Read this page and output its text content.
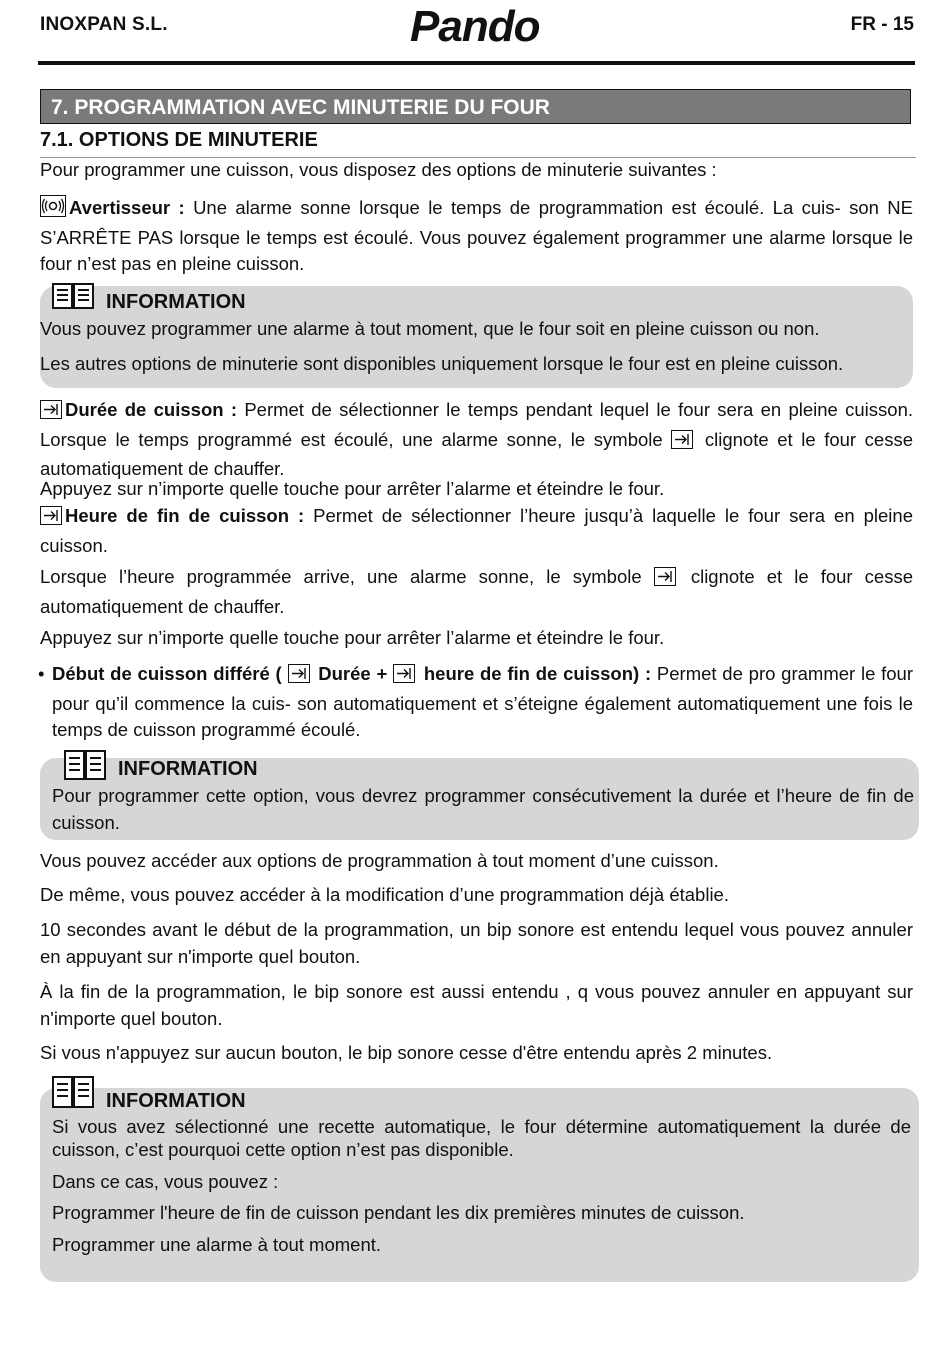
INOXPAN S.L.	Pando	FR - 15
7. PROGRAMMATION AVEC MINUTERIE DU FOUR
7.1. OPTIONS DE MINUTERIE
Pour programmer une cuisson, vous disposez des options de minuterie suivantes :
Avertisseur : Une alarme sonne lorsque le temps de programmation est écoulé. La cuis- son NE S’ARRÊTE PAS lorsque le temps est écoulé. Vous pouvez également programmer une alarme lorsque le four n’est pas en pleine cuisson.
INFORMATION
Vous pouvez programmer une alarme à tout moment, que le four soit en pleine cuisson ou non.
Les autres options de minuterie sont disponibles uniquement lorsque le four est en pleine cuisson.
Durée de cuisson : Permet de sélectionner le temps pendant lequel le four sera en pleine cuisson. Lorsque le temps programmé est écoulé, une alarme sonne, le symbole  clignote et le four cesse automatiquement de chauffer.
Appuyez sur n’importe quelle touche pour arrêter l’alarme et éteindre le four.
Heure de fin de cuisson : Permet de sélectionner l’heure jusqu’à laquelle le four sera en pleine cuisson.
Lorsque l’heure programmée arrive, une alarme sonne, le symbole  clignote et le four cesse automatiquement de chauffer.
Appuyez sur n’importe quelle touche pour arrêter l’alarme et éteindre le four.
• Début de cuisson différé (  Durée +  heure de fin de cuisson) : Permet de pro grammer le four pour qu’il commence la cuis- son automatiquement et s’éteigne également automatiquement une fois le temps de cuisson programmé écoulé.
INFORMATION
Pour programmer cette option, vous devrez programmer consécutivement la durée et l’heure de fin de cuisson.
Vous pouvez accéder aux options de programmation à tout moment d’une cuisson.
De même, vous pouvez accéder à la modification d’une programmation déjà établie.
10 secondes avant le début de la programmation, un bip sonore est entendu lequel vous pouvez annuler en appuyant sur n'importe quel bouton.
À la fin de la programmation, le bip sonore est aussi entendu , q vous pouvez annuler en appuyant sur n'importe quel bouton.
Si vous n'appuyez sur aucun bouton, le bip sonore cesse d'être entendu après 2 minutes.
INFORMATION
Si vous avez sélectionné une recette automatique, le four détermine automatiquement la durée de cuisson, c’est pourquoi cette option n’est pas disponible.
Dans ce cas, vous pouvez :
Programmer l'heure de fin de cuisson pendant les dix premières minutes de cuisson.
Programmer une alarme à tout moment.
